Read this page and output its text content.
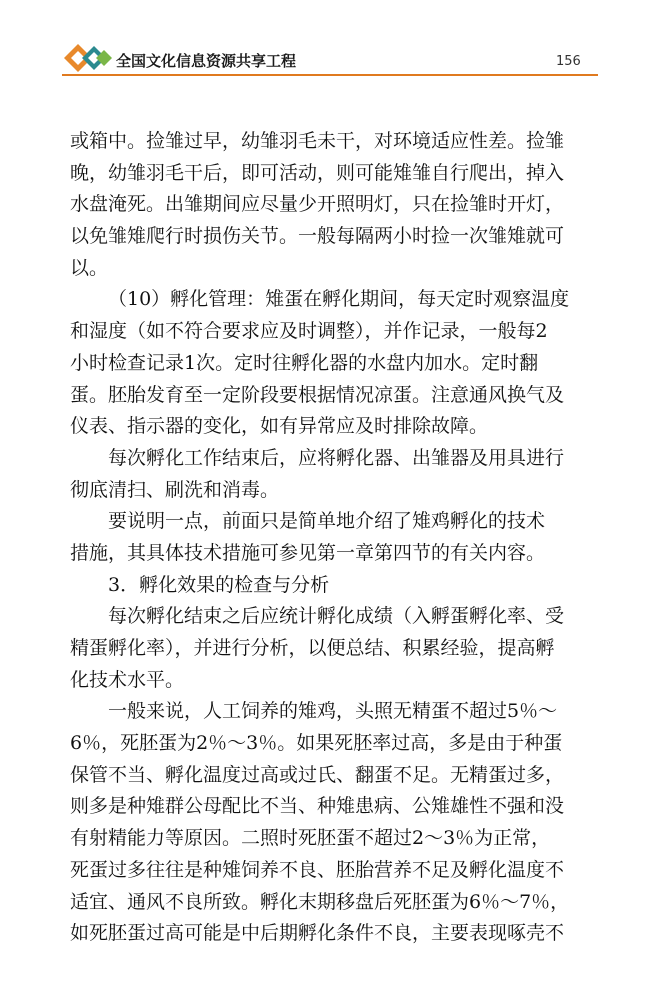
全国文化信息资源共享工程	156
或箱中。捡雏过早，幼雏羽毛未干，对环境适应性差。捡雏
晚，幼雏羽毛干后，即可活动，则可能雉雏自行爬出，掉入
水盘淹死。出雏期间应尽量少开照明灯，只在捡雏时开灯，
以免雏雉爬行时损伤关节。一般每隔两小时捡一次雏雉就可
以。
（10）孵化管理：雉蛋在孵化期间，每天定时观察温度
和湿度（如不符合要求应及时调整），并作记录，一般每2
小时检查记录1次。定时往孵化器的水盘内加水。定时翻
蛋。胚胎发育至一定阶段要根据情况凉蛋。注意通风换气及
仪表、指示器的变化，如有异常应及时排除故障。
每次孵化工作结束后，应将孵化器、出雏器及用具进行
彻底清扫、刷洗和消毒。
要说明一点，前面只是简单地介绍了雉鸡孵化的技术
措施，其具体技术措施可参见第一章第四节的有关内容。
3．孵化效果的检查与分析
每次孵化结束之后应统计孵化成绩（入孵蛋孵化率、受
精蛋孵化率），并进行分析，以便总结、积累经验，提高孵
化技术水平。
一般来说，人工饲养的雉鸡，头照无精蛋不超过5％～
6％，死胚蛋为2％～3％。如果死胚率过高，多是由于种蛋
保管不当、孵化温度过高或过氏、翻蛋不足。无精蛋过多，
则多是种雉群公母配比不当、种雉患病、公雉雄性不强和没
有射精能力等原因。二照时死胚蛋不超过2～3％为正常，
死蛋过多往往是种雉饲养不良、胚胎营养不足及孵化温度不
适宜、通风不良所致。孵化末期移盘后死胚蛋为6％～7％，
如死胚蛋过高可能是中后期孵化条件不良，主要表现啄壳不
